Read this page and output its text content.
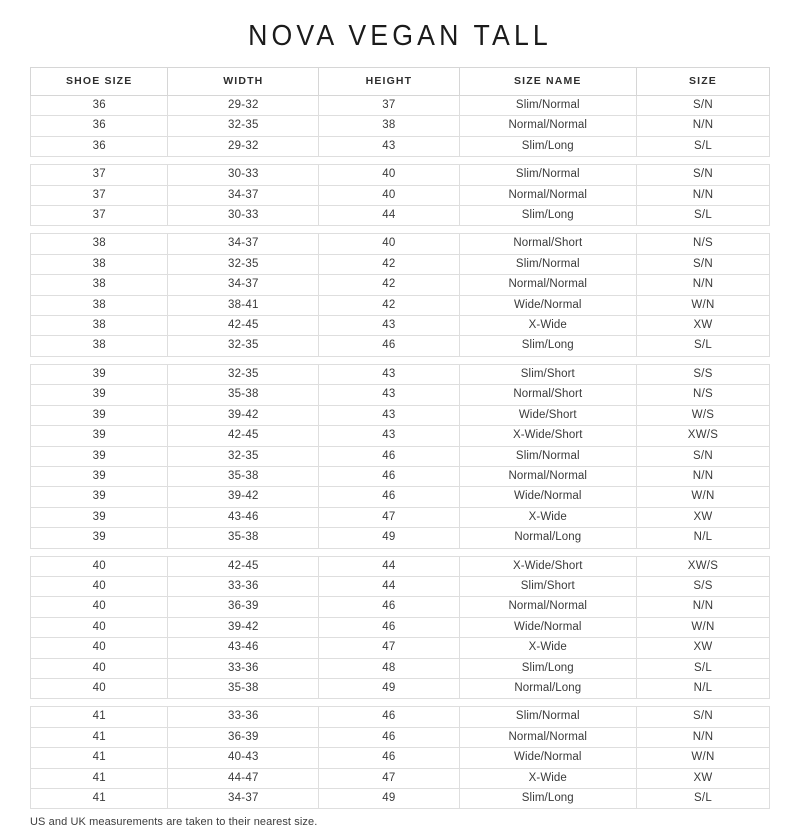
NOVA VEGAN TALL
SHOE SIZE	WIDTH	HEIGHT	SIZE NAME	SIZE
36	29-32	37	Slim/Normal	S/N
36	32-35	38	Normal/Normal	N/N
36	29-32	43	Slim/Long	S/L

37	30-33	40	Slim/Normal	S/N
37	34-37	40	Normal/Normal	N/N
37	30-33	44	Slim/Long	S/L

38	34-37	40	Normal/Short	N/S
38	32-35	42	Slim/Normal	S/N
38	34-37	42	Normal/Normal	N/N
38	38-41	42	Wide/Normal	W/N
38	42-45	43	X-Wide	XW
38	32-35	46	Slim/Long	S/L

39	32-35	43	Slim/Short	S/S
39	35-38	43	Normal/Short	N/S
39	39-42	43	Wide/Short	W/S
39	42-45	43	X-Wide/Short	XW/S
39	32-35	46	Slim/Normal	S/N
39	35-38	46	Normal/Normal	N/N
39	39-42	46	Wide/Normal	W/N
39	43-46	47	X-Wide	XW
39	35-38	49	Normal/Long	N/L

40	42-45	44	X-Wide/Short	XW/S
40	33-36	44	Slim/Short	S/S
40	36-39	46	Normal/Normal	N/N
40	39-42	46	Wide/Normal	W/N
40	43-46	47	X-Wide	XW
40	33-36	48	Slim/Long	S/L
40	35-38	49	Normal/Long	N/L

41	33-36	46	Slim/Normal	S/N
41	36-39	46	Normal/Normal	N/N
41	40-43	46	Wide/Normal	W/N
41	44-47	47	X-Wide	XW
41	34-37	49	Slim/Long	S/L
US and UK measurements are taken to their nearest size.
